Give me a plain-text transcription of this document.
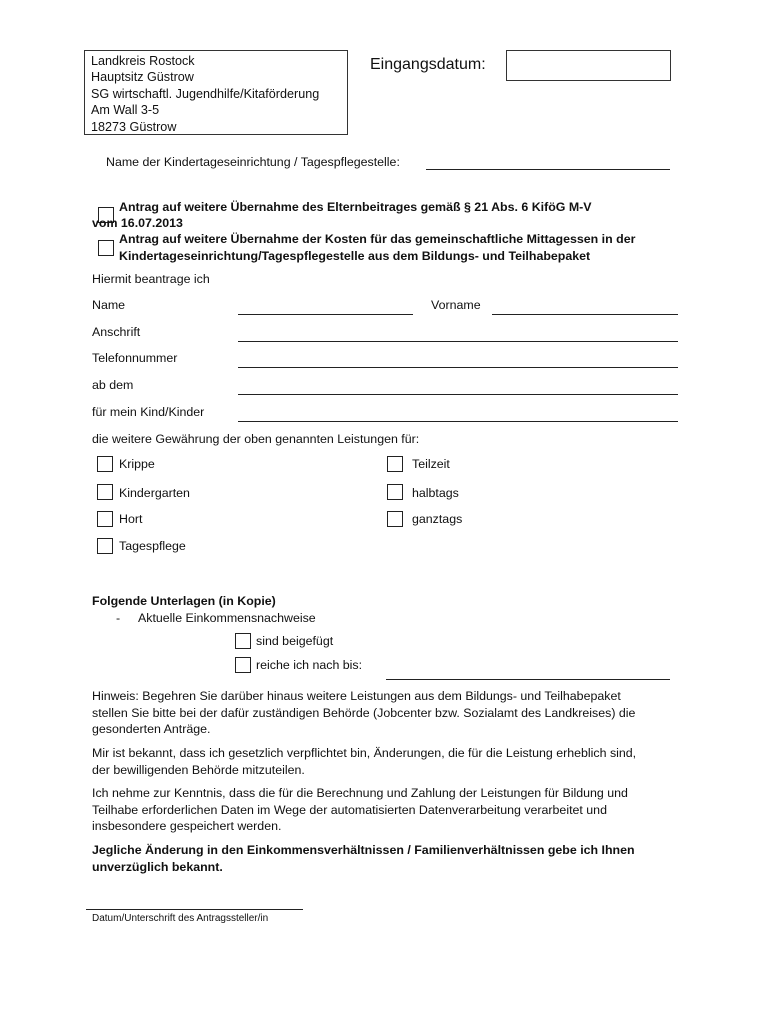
Landkreis Rostock
Hauptsitz Güstrow
SG wirtschaftl. Jugendhilfe/Kitaförderung
Am Wall 3-5
18273 Güstrow
Eingangsdatum:
Name der Kindertageseinrichtung / Tagespflegestelle:
Antrag auf weitere Übernahme des Elternbeitrages gemäß § 21 Abs. 6 KiföG M-V
vom 16.07.2013
Antrag auf weitere Übernahme der Kosten für das gemeinschaftliche Mittagessen in der
Kindertageseinrichtung/Tagespflegestelle aus dem Bildungs- und Teilhabepaket
Hiermit beantrage ich
Name	Vorname
Anschrift
Telefonnummer
ab dem
für mein Kind/Kinder
die weitere Gewährung der oben genannten Leistungen für:
Krippe
Kindergarten
Hort
Tagespflege
Teilzeit
halbtags
ganztags
Folgende Unterlagen (in Kopie)
- Aktuelle Einkommensnachweise
sind beigefügt
reiche ich nach bis:
Hinweis: Begehren Sie darüber hinaus weitere Leistungen aus dem Bildungs- und Teilhabepaket
stellen Sie bitte bei der dafür zuständigen Behörde (Jobcenter bzw. Sozialamt des Landkreises) die
gesonderten Anträge.
Mir ist bekannt, dass ich gesetzlich verpflichtet bin, Änderungen, die für die Leistung erheblich sind,
der bewilligenden Behörde mitzuteilen.
Ich nehme zur Kenntnis, dass die für die Berechnung und Zahlung der Leistungen für Bildung und
Teilhabe erforderlichen Daten im Wege der automatisierten Datenverarbeitung verarbeitet und
insbesondere gespeichert werden.
Jegliche Änderung in den Einkommensverhältnissen / Familienverhältnissen gebe ich Ihnen
unverzüglich bekannt.
Datum/Unterschrift des Antragssteller/in
